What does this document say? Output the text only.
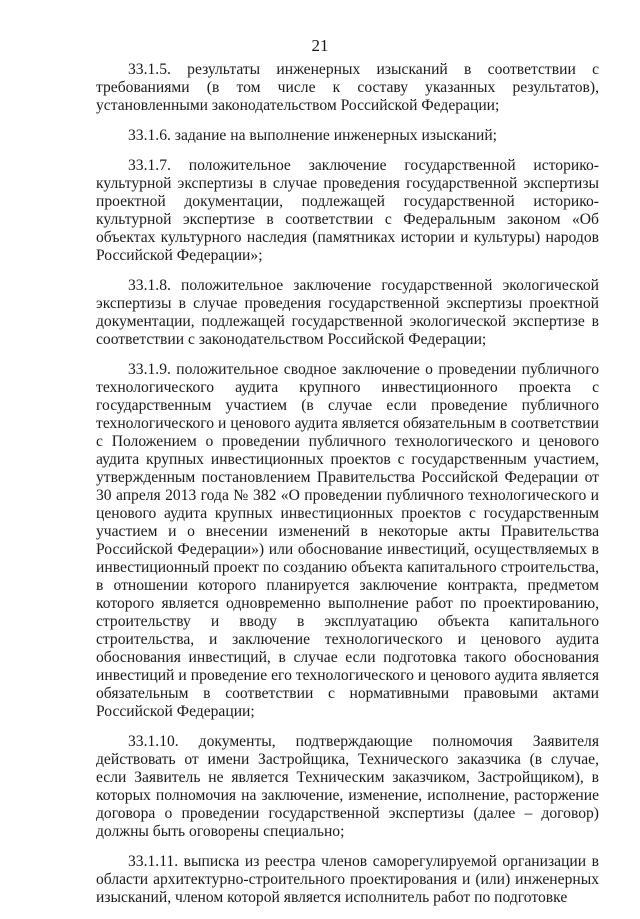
21

33.1.5. результаты инженерных изысканий в соответствии с требованиями (в том числе к составу указанных результатов), установленными законодательством Российской Федерации;

33.1.6. задание на выполнение инженерных изысканий;

33.1.7. положительное заключение государственной историко-культурной экспертизы в случае проведения государственной экспертизы проектной документации, подлежащей государственной историко-культурной экспертизе в соответствии с Федеральным законом «Об объектах культурного наследия (памятниках истории и культуры) народов Российской Федерации»;

33.1.8. положительное заключение государственной экологической экспертизы в случае проведения государственной экспертизы проектной документации, подлежащей государственной экологической экспертизе в соответствии с законодательством Российской Федерации;

33.1.9. положительное сводное заключение о проведении публичного технологического аудита крупного инвестиционного проекта с государственным участием (в случае если проведение публичного технологического и ценового аудита является обязательным в соответствии с Положением о проведении публичного технологического и ценового аудита крупных инвестиционных проектов с государственным участием, утвержденным постановлением Правительства Российской Федерации от 30 апреля 2013 года № 382 «О проведении публичного технологического и ценового аудита крупных инвестиционных проектов с государственным участием и о внесении изменений в некоторые акты Правительства Российской Федерации») или обоснование инвестиций, осуществляемых в инвестиционный проект по созданию объекта капитального строительства, в отношении которого планируется заключение контракта, предметом которого является одновременно выполнение работ по проектированию, строительству и вводу в эксплуатацию объекта капитального строительства, и заключение технологического и ценового аудита обоснования инвестиций, в случае если подготовка такого обоснования инвестиций и проведение его технологического и ценового аудита является обязательным в соответствии с нормативными правовыми актами Российской Федерации;

33.1.10. документы, подтверждающие полномочия Заявителя действовать от имени Застройщика, Технического заказчика (в случае, если Заявитель не является Техническим заказчиком, Застройщиком), в которых полномочия на заключение, изменение, исполнение, расторжение договора о проведении государственной экспертизы (далее – договор) должны быть оговорены специально;

33.1.11. выписка из реестра членов саморегулируемой организации в области архитектурно-строительного проектирования и (или) инженерных изысканий, членом которой является исполнитель работ по подготовке
